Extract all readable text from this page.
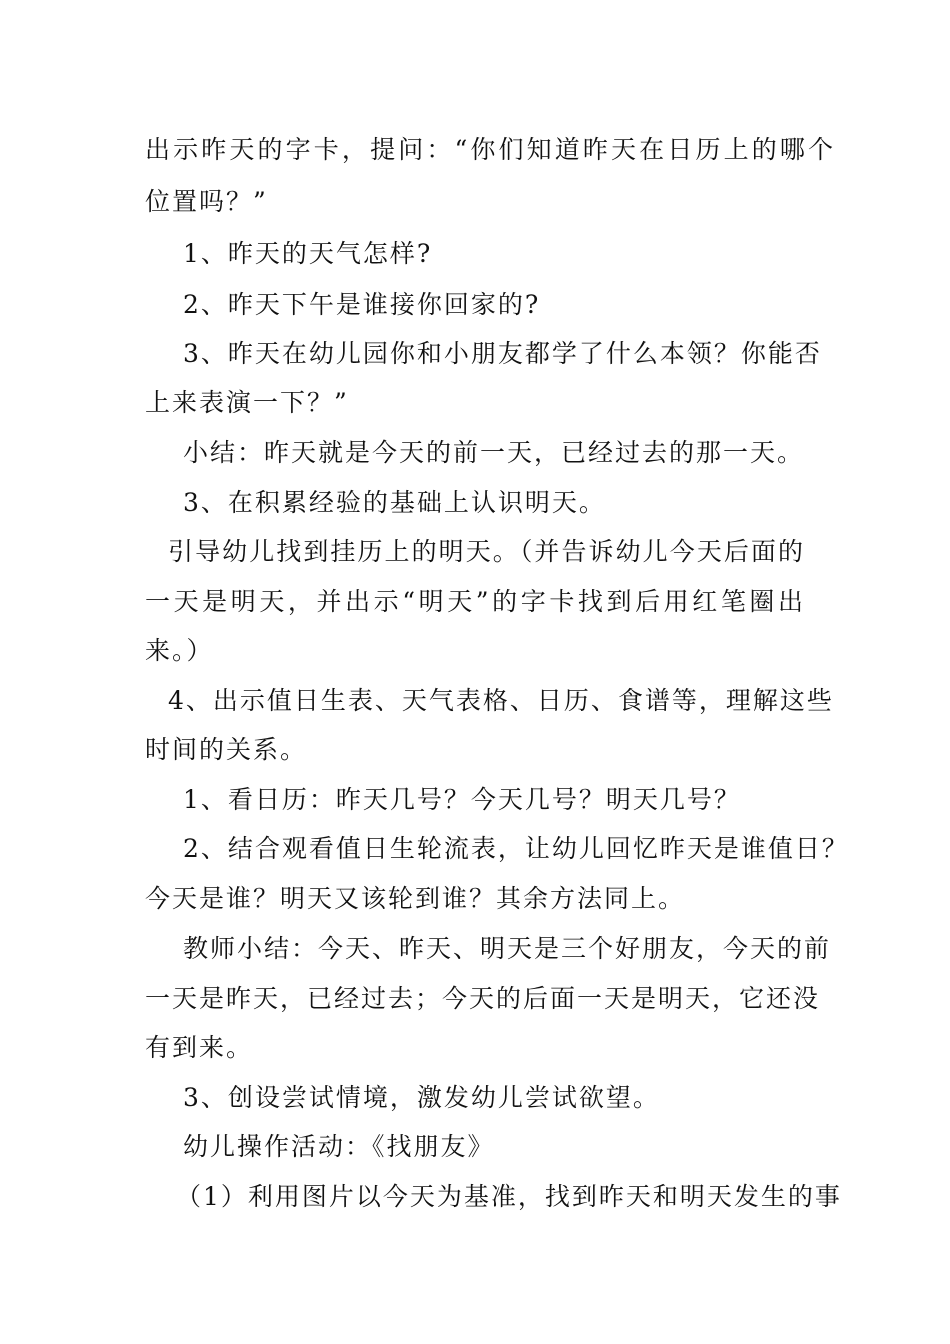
出示昨天的字卡，提问：“你们知道昨天在日历上的哪个
位置吗？”
1、昨天的天气怎样?
2、昨天下午是谁接你回家的?
3、昨天在幼儿园你和小朋友都学了什么本领？你能否
上来表演一下？”
小结：昨天就是今天的前一天，已经过去的那一天。
3、在积累经验的基础上认识明天。
引导幼儿找到挂历上的明天。（并告诉幼儿今天后面的
一天是明天，并出示“明天”的字卡找到后用红笔圈出
来。）
4、出示值日生表、天气表格、日历、食谱等，理解这些
时间的关系。
1、看日历：昨天几号？今天几号？明天几号？
2、结合观看值日生轮流表，让幼儿回忆昨天是谁值日？
今天是谁？明天又该轮到谁？其余方法同上。
教师小结：今天、昨天、明天是三个好朋友，今天的前
一天是昨天，已经过去；今天的后面一天是明天，它还没
有到来。
3、创设尝试情境，激发幼儿尝试欲望。
幼儿操作活动：《找朋友》
（1）利用图片以今天为基准，找到昨天和明天发生的事
